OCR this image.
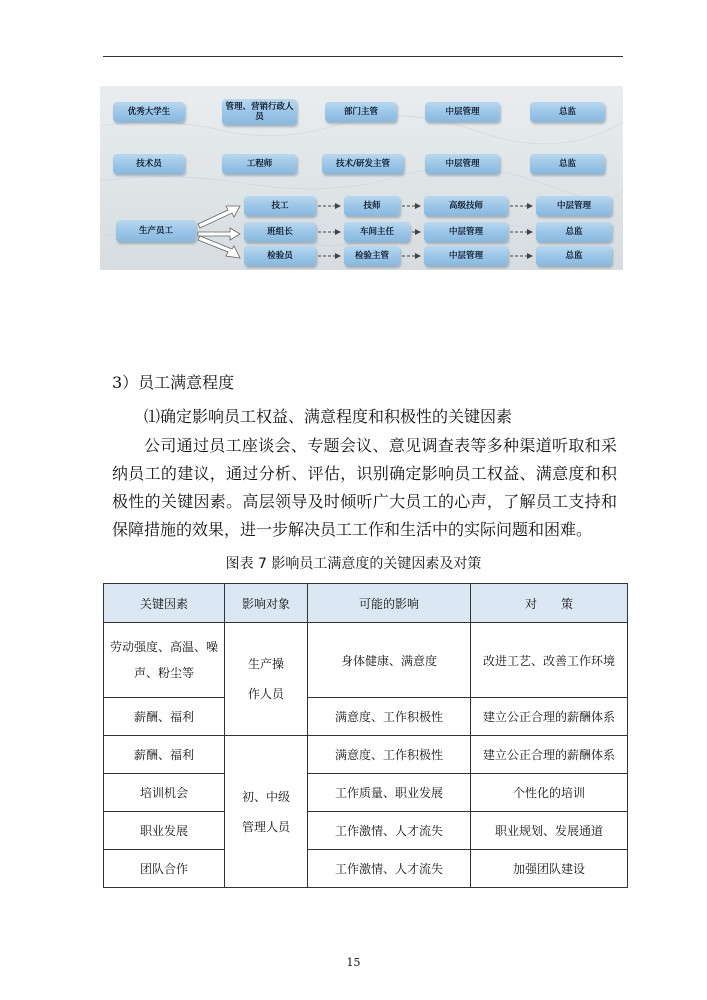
优秀大学生	管理、营销行政人员	部门主管	中层管理	总监
技术员	工程师	技术/研发主管	中层管理	总监
生产员工
技工	技师	高级技师	中层管理
班组长	车间主任	中层管理	总监
检验员	检验主管	中层管理	总监
3）员工满意程度
⑴确定影响员工权益、满意程度和积极性的关键因素
公司通过员工座谈会、专题会议、意见调查表等多种渠道听取和采纳员工的建议，通过分析、评估，识别确定影响员工权益、满意度和积极性的关键因素。高层领导及时倾听广大员工的心声，了解员工支持和保障措施的效果，进一步解决员工工作和生活中的实际问题和困难。
图表 7 影响员工满意度的关键因素及对策
关键因素	影响对象	可能的影响	对　　策
劳动强度、高温、噪声、粉尘等	生产操作人员	身体健康、满意度	改进工艺、改善工作环境
薪酬、福利		满意度、工作积极性	建立公正合理的薪酬体系
薪酬、福利	初、中级管理人员	满意度、工作积极性	建立公正合理的薪酬体系
培训机会		工作质量、职业发展	个性化的培训
职业发展		工作激情、人才流失	职业规划、发展通道
团队合作		工作激情、人才流失	加强团队建设
15
